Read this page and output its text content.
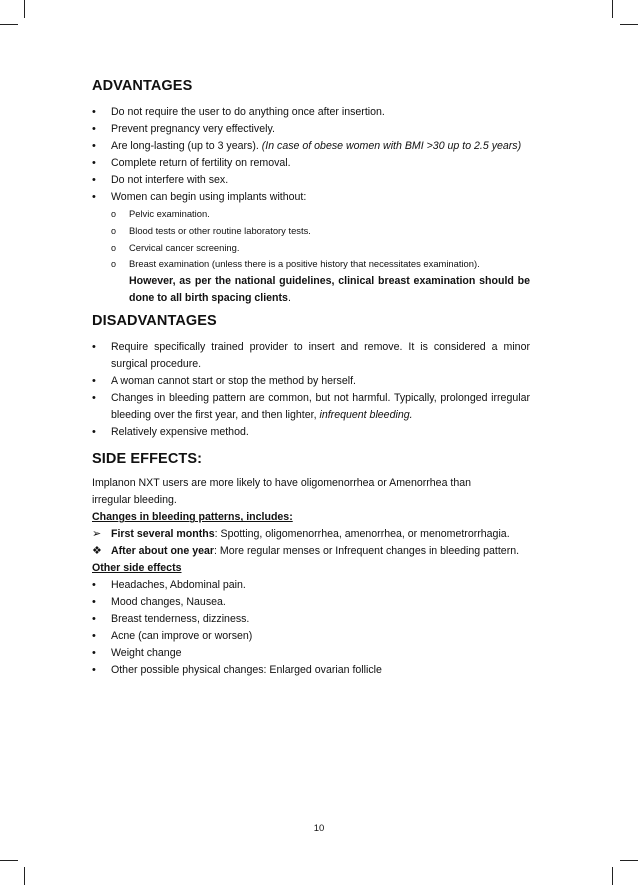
ADVANTAGES
• Do not require the user to do anything once after insertion.
• Prevent pregnancy very effectively.
• Are long-lasting (up to 3 years). (In case of obese women with BMI >30 up to 2.5 years)
• Complete return of fertility on removal.
• Do not interfere with sex.
• Women can begin using implants without:
o Pelvic examination.
o Blood tests or other routine laboratory tests.
o Cervical cancer screening.
o Breast examination (unless there is a positive history that necessitates examination).
However, as per the national guidelines, clinical breast examination should be done to all birth spacing clients.
DISADVANTAGES
• Require specifically trained provider to insert and remove. It is considered a minor surgical procedure.
• A woman cannot start or stop the method by herself.
• Changes in bleeding pattern are common, but not harmful. Typically, prolonged irregular bleeding over the first year, and then lighter, infrequent bleeding.
• Relatively expensive method.
SIDE EFFECTS:

Implanon NXT users are more likely to have oligomenorrhea or Amenorrhea than irregular bleeding.

Changes in bleeding patterns, includes:

➢ First several months: Spotting, oligomenorrhea, amenorrhea, or menometrorrhagia.
❖ After about one year: More regular menses or Infrequent changes in bleeding pattern.

Other side effects

• Headaches, Abdominal pain.
• Mood changes, Nausea.
• Breast tenderness, dizziness.
• Acne (can improve or worsen)
• Weight change
• Other possible physical changes: Enlarged ovarian follicle
10
